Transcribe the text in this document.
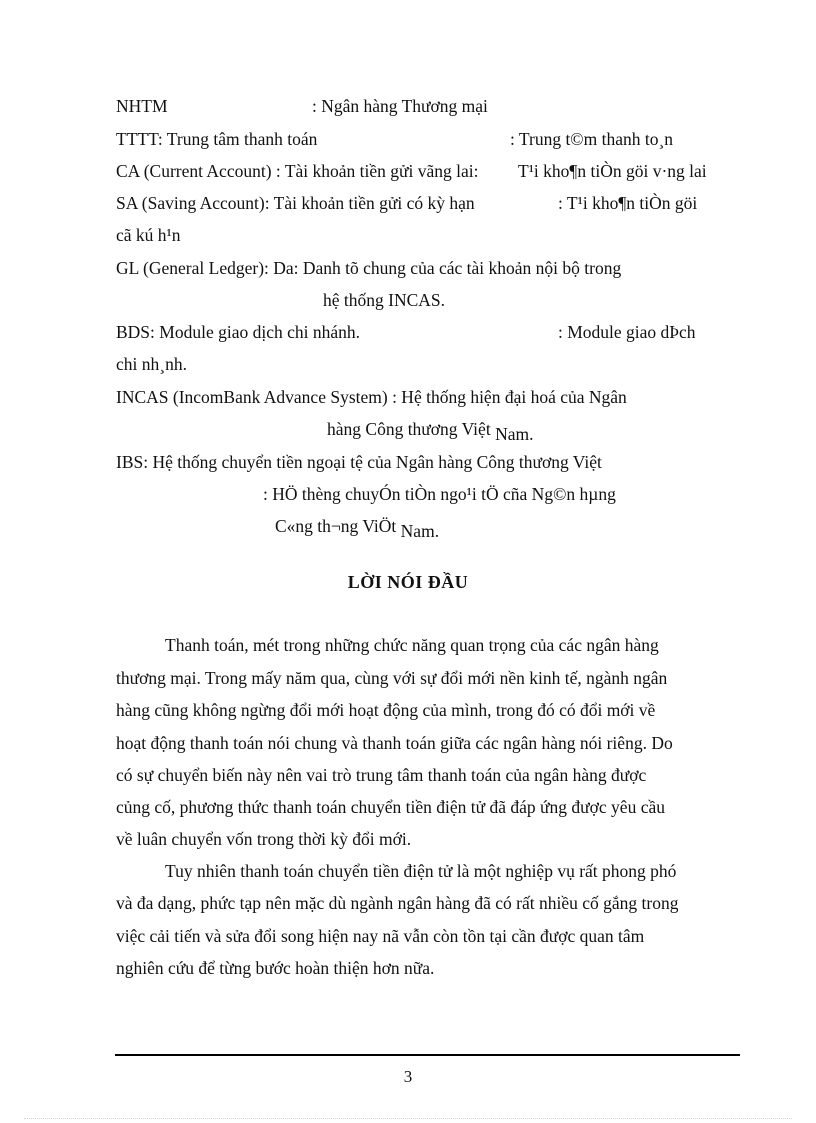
NHTM	: Ngân hàng Thương mại
TTTT: Trung tâm thanh toán	: Trung t©m thanh to¸n
CA (Current Account) : Tài khoản tiền gửi vãng lai: T¹i kho¶n tiÒn göi v·ng lai
SA (Saving Account): Tài khoản tiền gửi có kỳ hạn	: T¹i kho¶n tiÒn göi
cã kú h¹n
GL (General Ledger): Da: Danh tõ chung của các tài khoản nội bộ trong
hệ thống INCAS.
BDS: Module giao dịch chi nhánh.	: Module giao dÞch
chi nh¸nh.
INCAS (IncomBank Advance System) : Hệ thống hiện đại hoá của Ngân
hàng Công thương Việt Nam.
IBS: Hệ thống chuyển tiền ngoại tệ của Ngân hàng Công thương Việt
: HÖ thèng chuyÓn tiÒn ngo¹i tÖ cña Ng©n hµng
C«ng th¬ng ViÖt Nam.
LỜI NÓI ĐẦU
Thanh toán, mét trong những chức năng quan trọng của các ngân hàng
thương mại. Trong mấy năm qua, cùng với sự đổi mới nền kinh tế, ngành ngân
hàng cũng không ngừng đổi mới hoạt động của mình, trong đó có đổi mới về
hoạt động thanh toán nói chung và thanh toán giữa các ngân hàng nói riêng. Do
có sự chuyển biến này nên vai trò trung tâm thanh toán của ngân hàng được
củng cố, phương thức thanh toán chuyển tiền điện tử đã đáp ứng được yêu cầu
về luân chuyển vốn trong thời kỳ đổi mới.
Tuy nhiên thanh toán chuyển tiền điện tử là một nghiệp vụ rất phong phó
và đa dạng, phức tạp nên mặc dù ngành ngân hàng đã có rất nhiều cố gắng trong
việc cải tiến và sửa đổi song hiện nay nã vẫn còn tồn tại cần được quan tâm
nghiên cứu để từng bước hoàn thiện hơn nữa.
3
